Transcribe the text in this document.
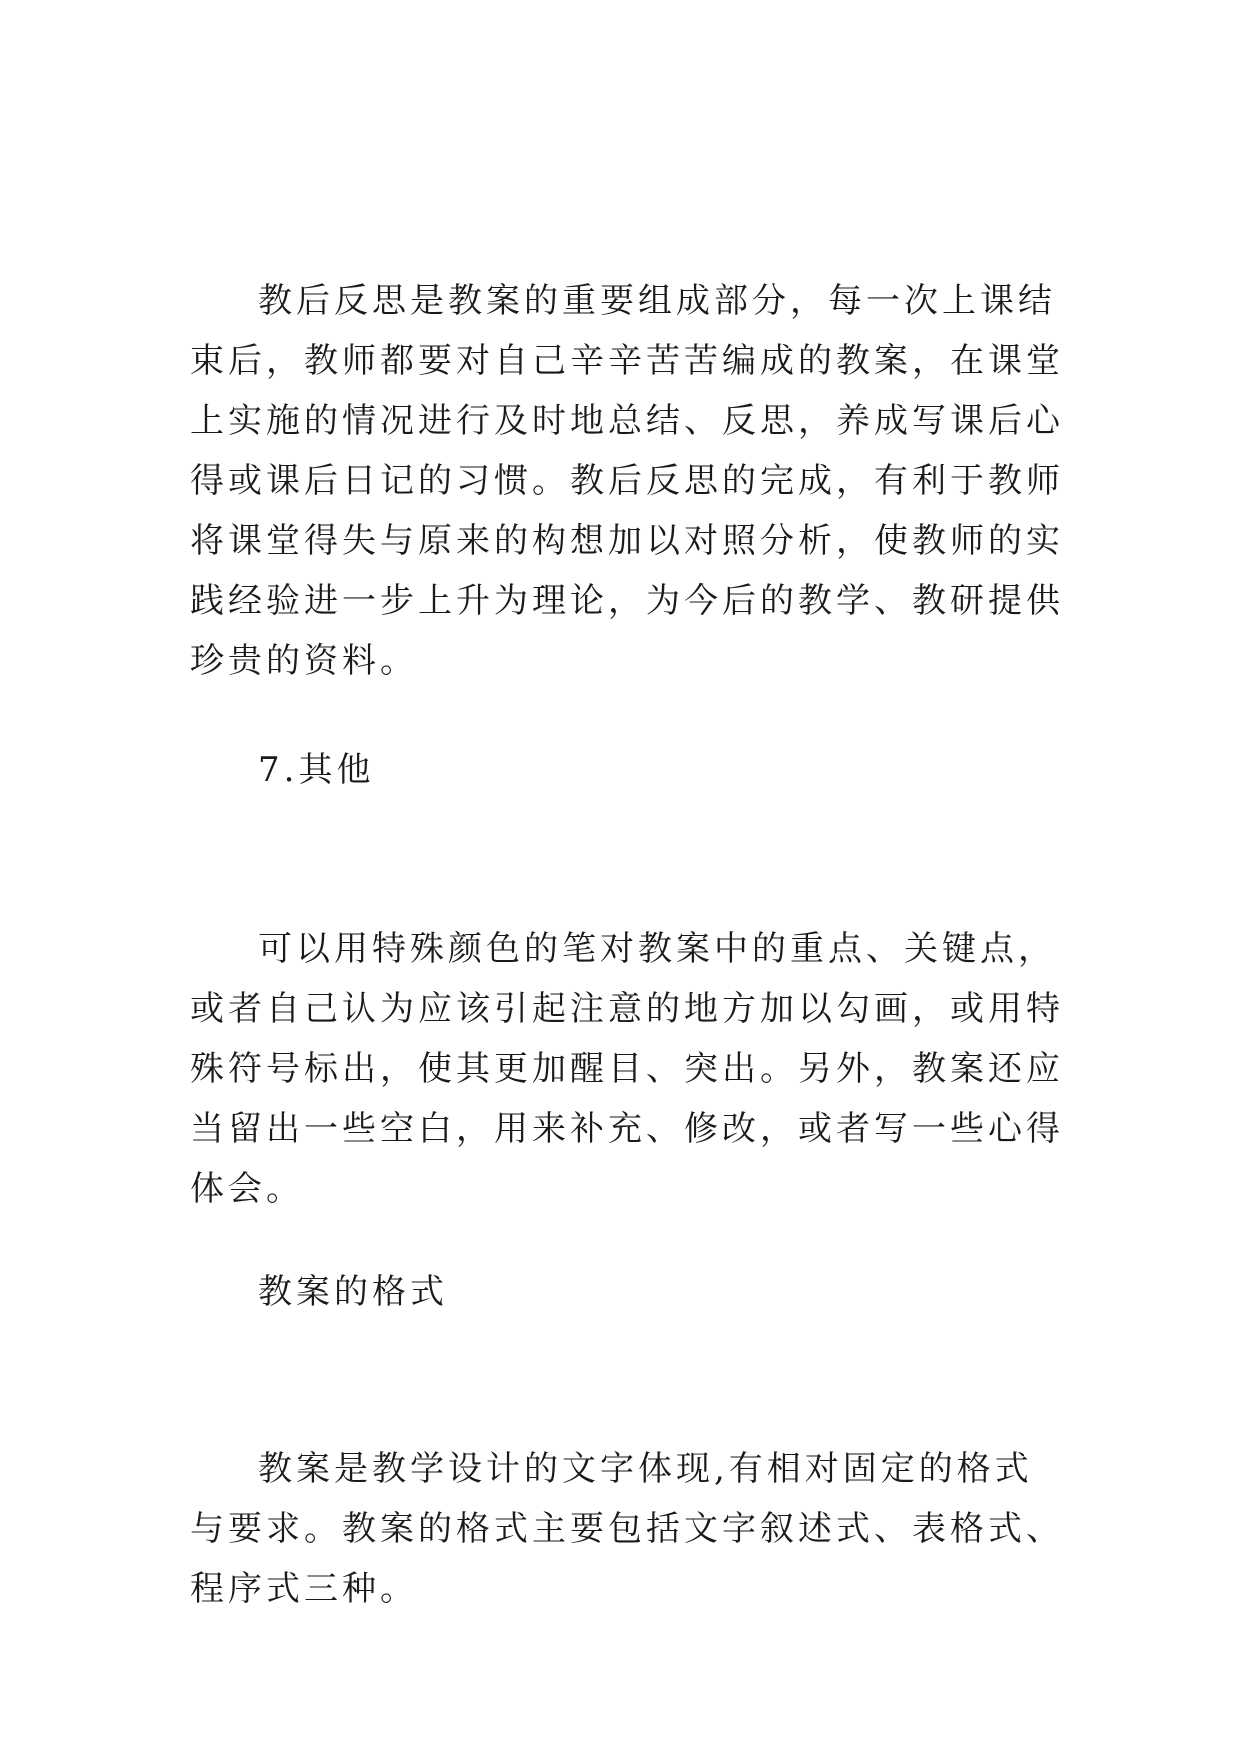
教后反思是教案的重要组成部分，每一次上课结束后，教师都要对自己辛辛苦苦编成的教案，在课堂上实施的情况进行及时地总结、反思，养成写课后心得或课后日记的习惯。教后反思的完成，有利于教师将课堂得失与原来的构想加以对照分析，使教师的实践经验进一步上升为理论，为今后的教学、教研提供珍贵的资料。

7.其他

可以用特殊颜色的笔对教案中的重点、关键点，或者自己认为应该引起注意的地方加以勾画，或用特殊符号标出，使其更加醒目、突出。另外，教案还应当留出一些空白，用来补充、修改，或者写一些心得体会。

教案的格式

教案是教学设计的文字体现,有相对固定的格式与要求。教案的格式主要包括文字叙述式、表格式、程序式三种。
